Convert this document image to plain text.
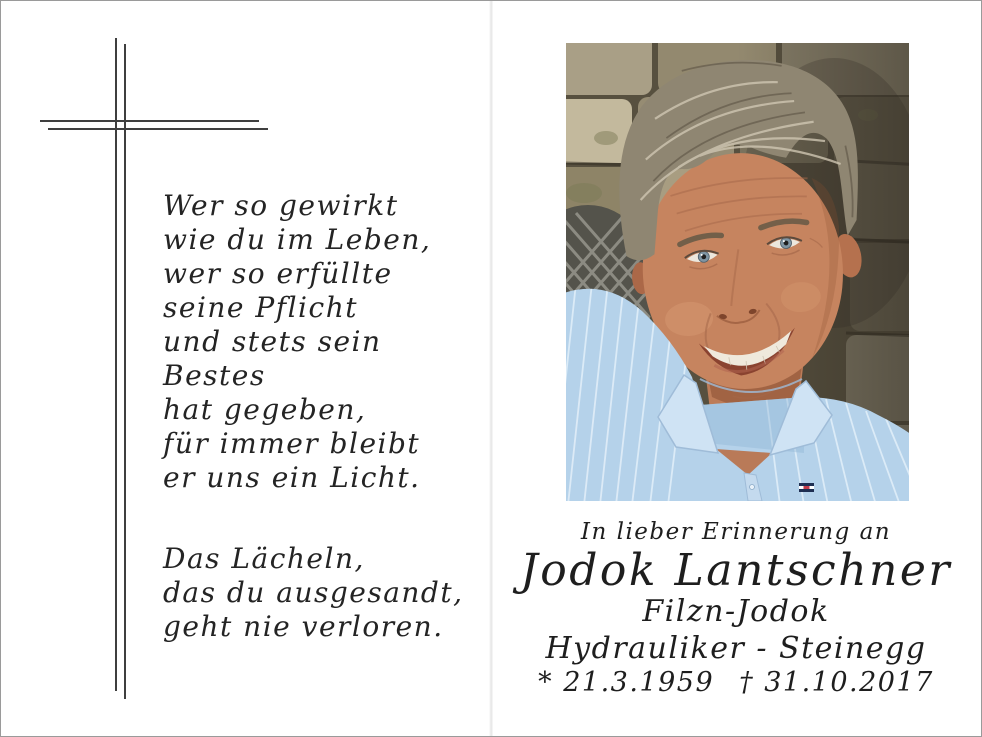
Wer so gewirkt
wie du im Leben,
wer so erfüllte
seine Pflicht
und stets sein Bestes
hat gegeben,
für immer bleibt
er uns ein Licht.
Das Lächeln,
das du ausgesandt,
geht nie verloren.
In lieber Erinnerung an
Jodok Lantschner
Filzn-Jodok
Hydrauliker - Steinegg
* 21.3.1959 † 31.10.2017
